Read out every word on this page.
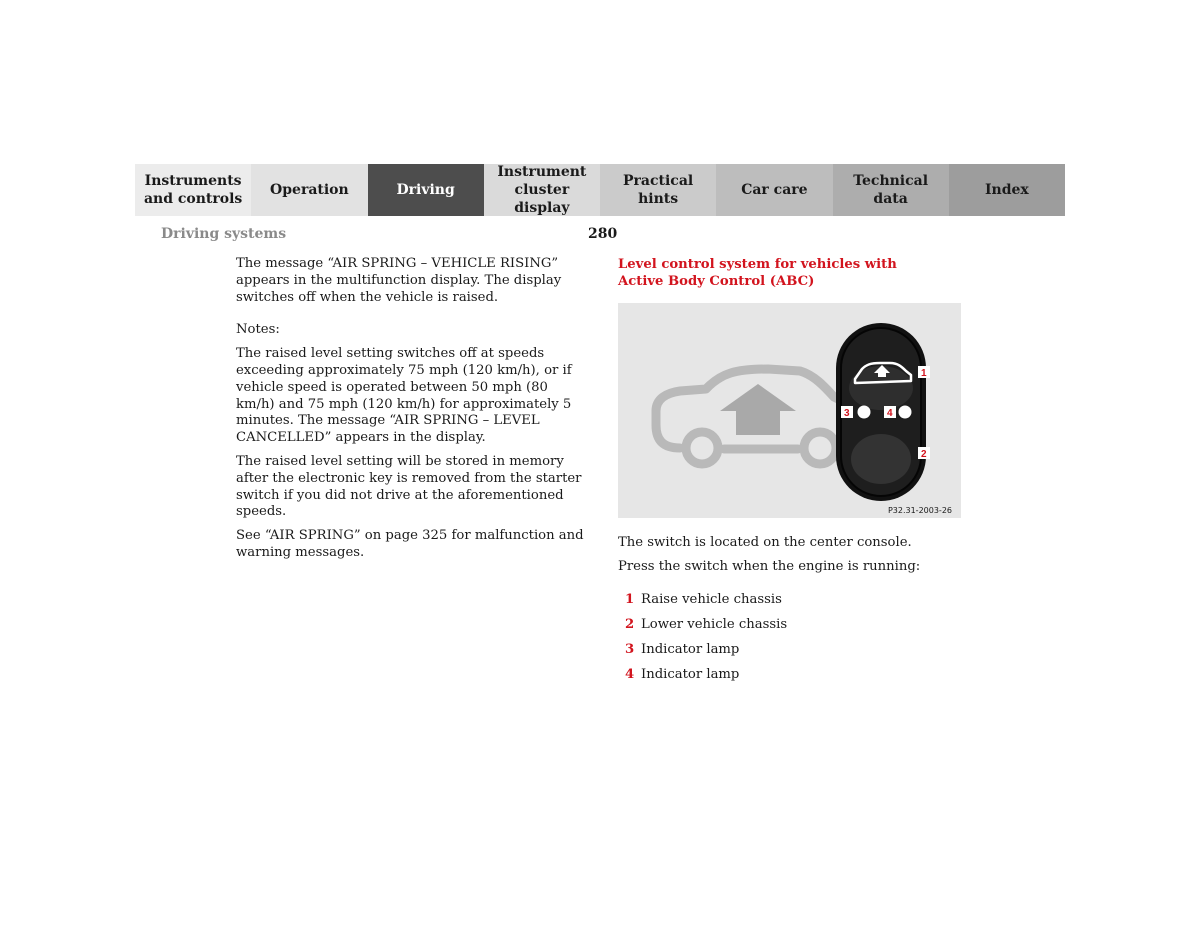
Instruments
and controls
Operation	Driving
Instrument
cluster display
Practical hints
Car care
Technical
data
Index
Driving systems	280

The message “AIR SPRING – VEHICLE RISING” appears in the multifunction display. The display switches off when the vehicle is raised.

Notes:

The raised level setting switches off at speeds exceeding approximately 75 mph (120 km/h), or if vehicle speed is operated between 50 mph (80 km/h) and 75 mph (120 km/h) for approximately 5 minutes. The message “AIR SPRING – LEVEL CANCELLED” appears in the display.

The raised level setting will be stored in memory after the electronic key is removed from the starter switch if you did not drive at the aforementioned speeds.

See “AIR SPRING” on page 325 for malfunction and warning messages.

Level control system for vehicles with
Active Body Control (ABC)

1
3	4
2
P32.31-2003-26

The switch is located on the center console.

Press the switch when the engine is running:

1 Raise vehicle chassis
2 Lower vehicle chassis
3 Indicator lamp
4 Indicator lamp
